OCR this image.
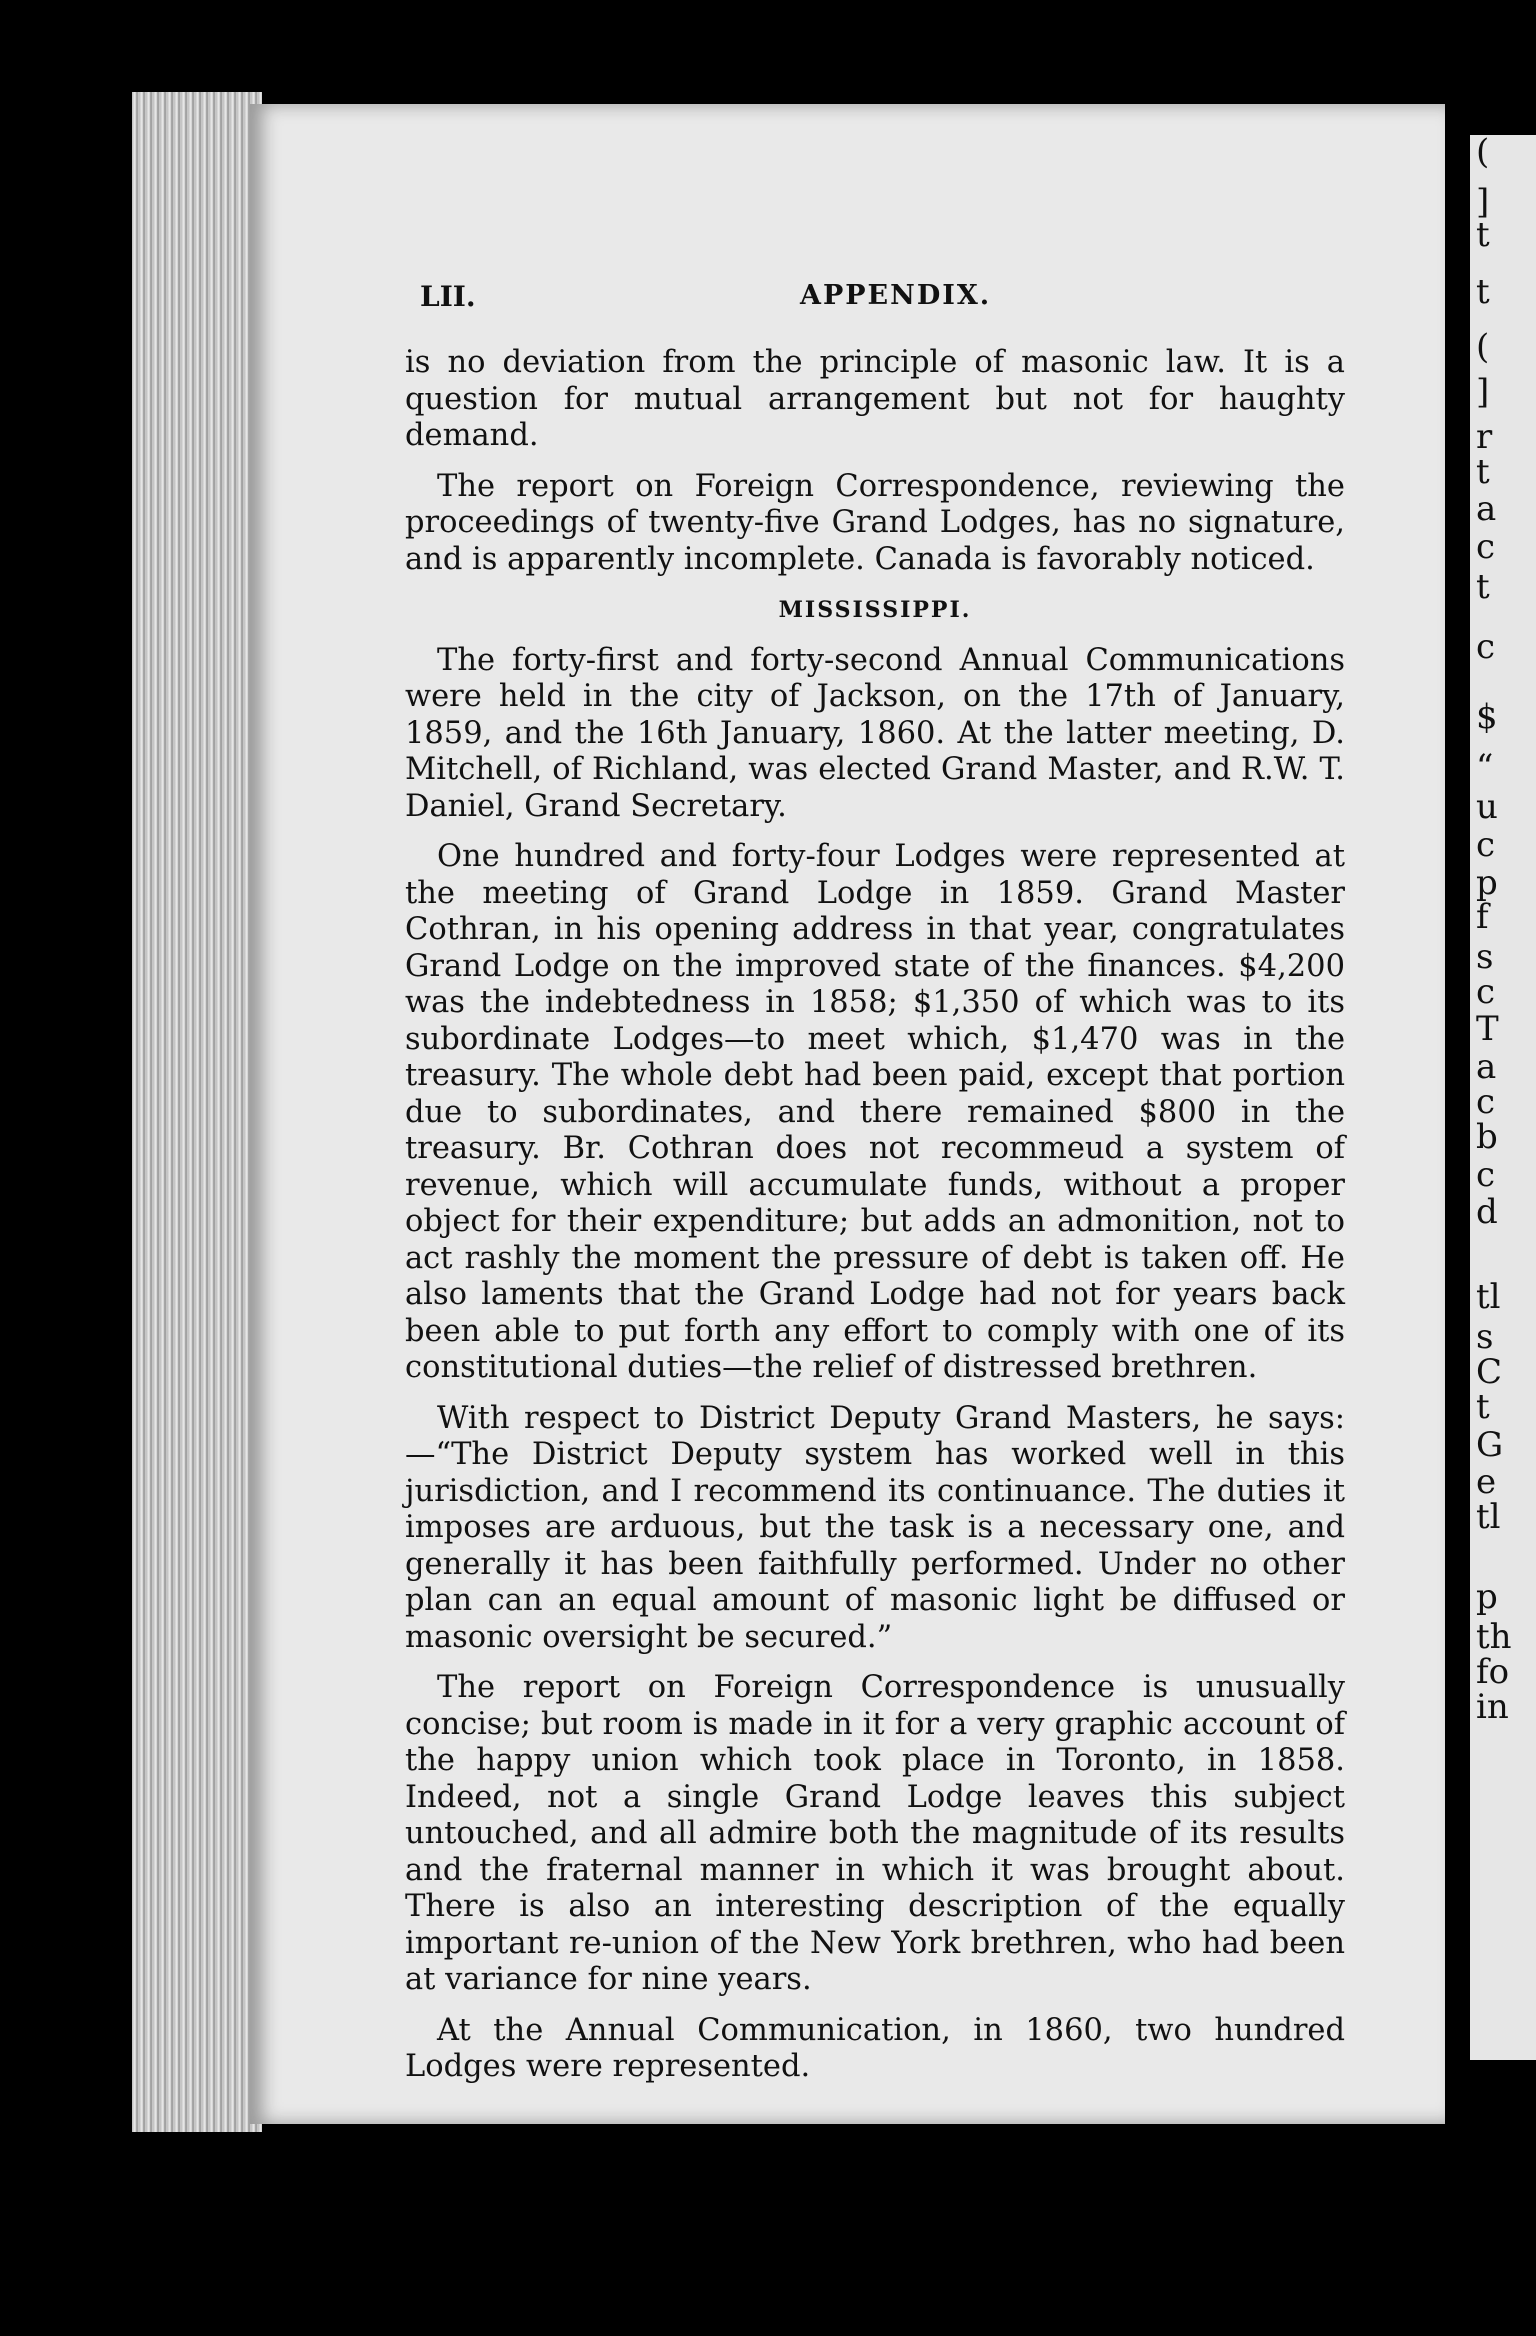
LII.	APPENDIX.

is no deviation from the principle of masonic law. It is a question for mutual arrangement but not for haughty demand.

The report on Foreign Correspondence, reviewing the proceedings of twenty-five Grand Lodges, has no signature, and is apparently incomplete. Canada is favorably noticed.

MISSISSIPPI.

The forty-first and forty-second Annual Communications were held in the city of Jackson, on the 17th of January, 1859, and the 16th January, 1860. At the latter meeting, D. Mitchell, of Richland, was elected Grand Master, and R.W. T. Daniel, Grand Secretary.

One hundred and forty-four Lodges were represented at the meeting of Grand Lodge in 1859. Grand Master Cothran, in his opening address in that year, congratulates Grand Lodge on the improved state of the finances. $4,200 was the indebtedness in 1858; $1,350 of which was to its subordinate Lodges—to meet which, $1,470 was in the treasury. The whole debt had been paid, except that portion due to subordinates, and there remained $800 in the treasury. Br. Cothran does not recommeud a system of revenue, which will accumulate funds, without a proper object for their expenditure; but adds an admonition, not to act rashly the moment the pressure of debt is taken off. He also laments that the Grand Lodge had not for years back been able to put forth any effort to comply with one of its constitutional duties—the relief of distressed brethren.

With respect to District Deputy Grand Masters, he says:—“The District Deputy system has worked well in this jurisdiction, and I recommend its continuance. The duties it imposes are arduous, but the task is a necessary one, and generally it has been faithfully performed. Under no other plan can an equal amount of masonic light be diffused or masonic oversight be secured.”

The report on Foreign Correspondence is unusually concise; but room is made in it for a very graphic account of the happy union which took place in Toronto, in 1858. Indeed, not a single Grand Lodge leaves this subject untouched, and all admire both the magnitude of its results and the fraternal manner in which it was brought about. There is also an interesting description of the equally important re-union of the New York brethren, who had been at variance for nine years.

At the Annual Communication, in 1860, two hundred Lodges were represented.

(
]
t
t
(
]
r
t
a
c
t
c
$
“
u
c
p
f
s
c
T
a
c
b
c
d
tl
s
C
t
G
e
tl
p
th
fo
in
